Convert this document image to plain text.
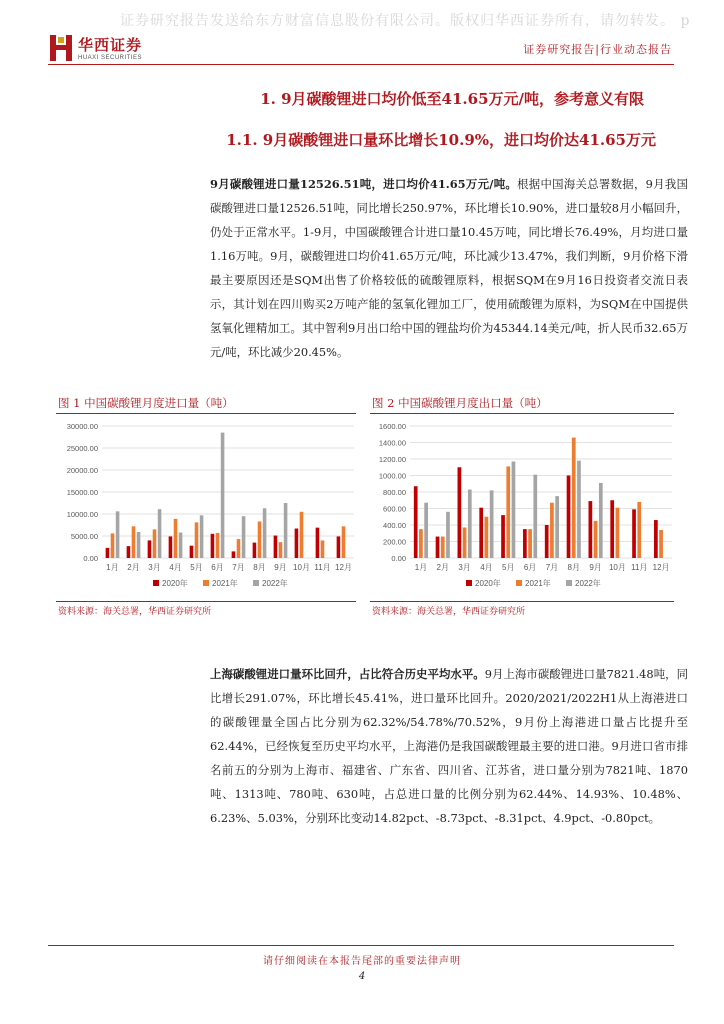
证券研究报告发送给东方财富信息股份有限公司。版权归华西证券所有，请勿转发。 p
华西证券
HUAXI SECURITIES
证券研究报告|行业动态报告
1. 9月碳酸锂进口均价低至41.65万元/吨，参考意义有限
1.1. 9月碳酸锂进口量环比增长10.9%，进口均价达41.65万元
9月碳酸锂进口量12526.51吨，进口均价41.65万元/吨。根据中国海关总署数据，9月我国碳酸锂进口量12526.51吨，同比增长250.97%，环比增长10.90%，进口量较8月小幅回升，仍处于正常水平。1-9月，中国碳酸锂合计进口量10.45万吨，同比增长76.49%，月均进口量1.16万吨。9月，碳酸锂进口均价41.65万元/吨，环比减少13.47%，我们判断，9月价格下滑最主要原因还是SQM出售了价格较低的硫酸锂原料，根据SQM在9月16日投资者交流日表示，其计划在四川购买2万吨产能的氢氧化锂加工厂，使用硫酸锂为原料，为SQM在中国提供氢氧化锂精加工。其中智利9月出口给中国的锂盐均价为45344.14美元/吨，折人民币32.65万元/吨，环比减少20.45%。
图 1 中国碳酸锂月度进口量（吨）	图 2 中国碳酸锂月度出口量（吨）
0.00
5000.00
10000.00
15000.00
20000.00
25000.00
30000.00
1月 2月 3月 4月 5月 6月 7月 8月 9月 10月 11月 12月
2020年	2021年	2022年
0.00
200.00
400.00
600.00
800.00
1000.00
1200.00
1400.00
1600.00
1月 2月 3月 4月 5月 6月 7月 8月 9月 10月 11月 12月
2020年	2021年	2022年
资料来源：海关总署，华西证券研究所	资料来源：海关总署，华西证券研究所
上海碳酸锂进口量环比回升，占比符合历史平均水平。9月上海市碳酸锂进口量7821.48吨，同比增长291.07%，环比增长45.41%，进口量环比回升。2020/2021/2022H1从上海港进口的碳酸锂量全国占比分别为62.32%/54.78%/70.52%，9月份上海港进口量占比提升至62.44%，已经恢复至历史平均水平，上海港仍是我国碳酸锂最主要的进口港。9月进口省市排名前五的分别为上海市、福建省、广东省、四川省、江苏省，进口量分别为7821吨、1870吨、1313吨、780吨、630吨，占总进口量的比例分别为62.44%、14.93%、10.48%、6.23%、5.03%，分别环比变动14.82pct、-8.73pct、-8.31pct、4.9pct、-0.80pct。
请仔细阅读在本报告尾部的重要法律声明
4
